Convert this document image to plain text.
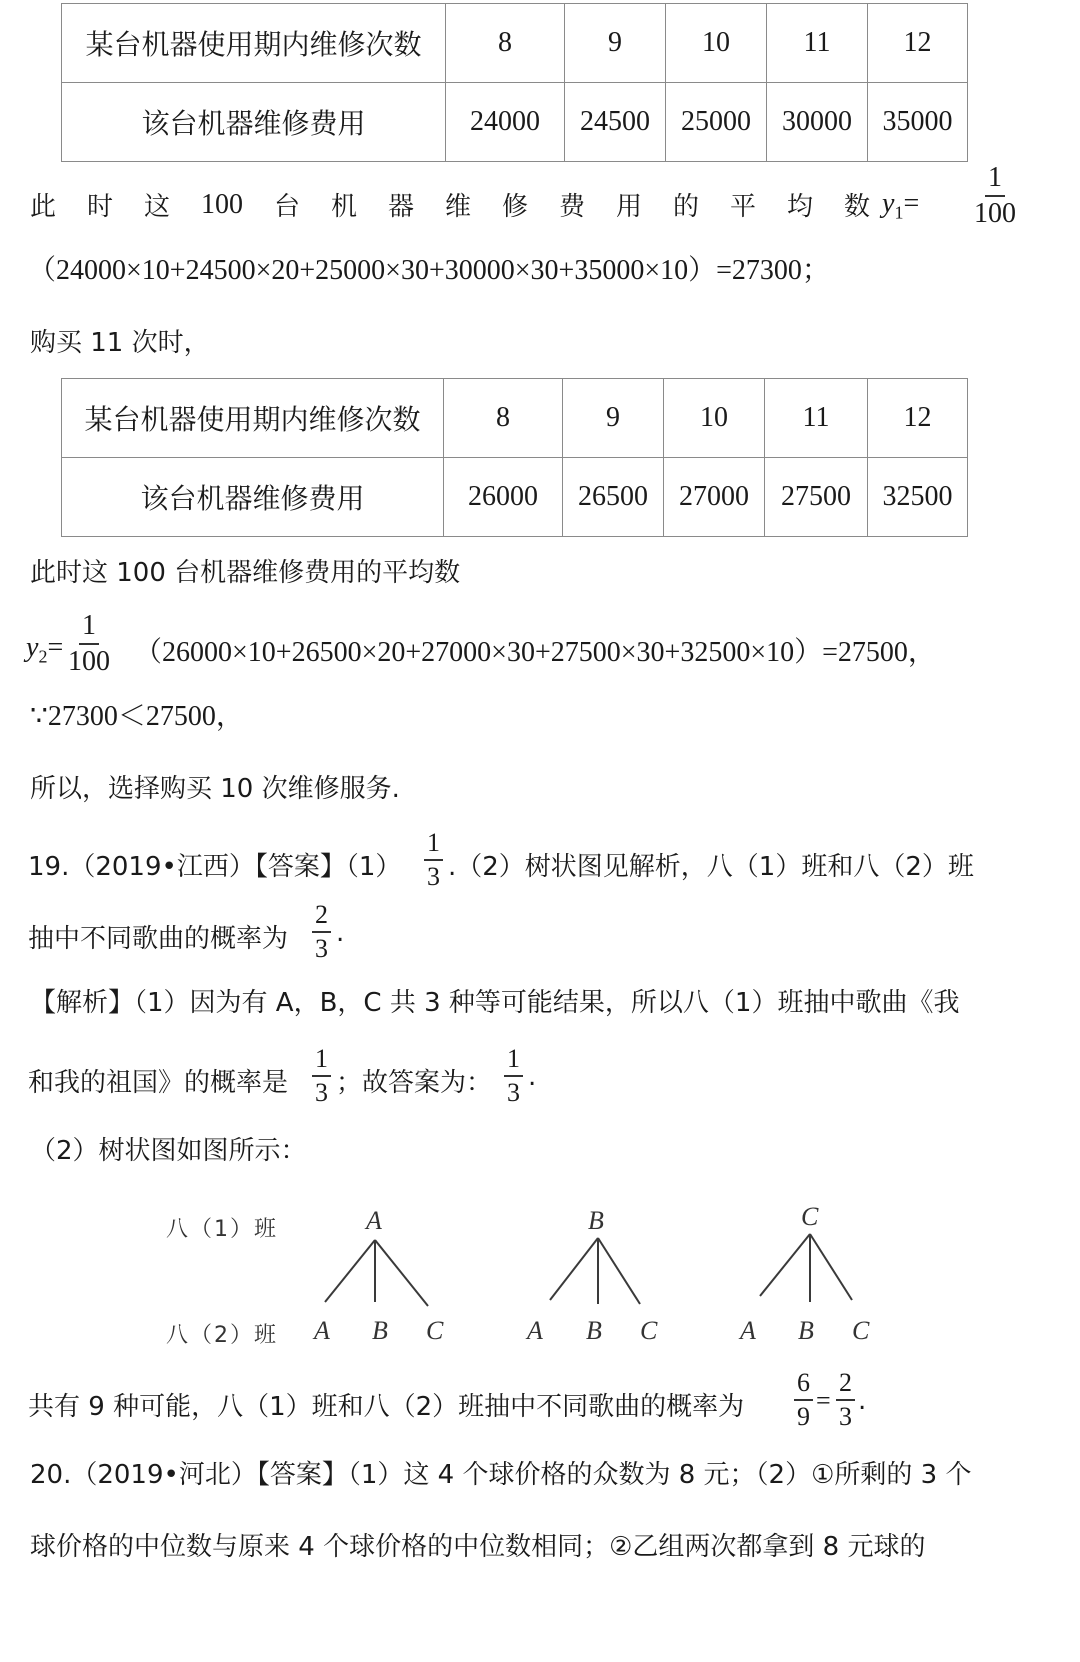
某台机器使用期内维修次数	8	9	10	11	12
该台机器维修费用	24000	24500	25000	30000	35000
此 时 这 100 台 机 器 维 修 费 用 的 平 均 数 $y_1= \frac{1}{100}$
（24000×10+24500×20+25000×30+30000×30+35000×10）=27300；
购买 11 次时，
某台机器使用期内维修次数	8	9	10	11	12
该台机器维修费用	26000	26500	27000	27500	32500
此时这 100 台机器维修费用的平均数
$y_2= \frac{1}{100} (26000\times 10+26500\times 20+27000\times 30+27500\times 30+32500\times 10)=27500$，
∵27300＜27500，
所以，选择购买 10 次维修服务.
19.（2019•江西）【答案】$(1) \frac{1}{3} .(2)$树状图见解析，八（1）班和八（2）班
抽中不同歌曲的概率为 $\frac{2}{3}$ .
【解析】（1）因为有 A，B，C 共 3 种等可能结果，所以八（1）班抽中歌曲《我
和我的祖国》的概率是 $\frac{1}{3}$ ；故答案为： $\frac{1}{3}$ .
（2）树状图如图所示：
八（1）班
八（2）班
A	B	C
A B C	A B C	A B C
共有 9 种可能，八（1）班和八（2）班抽中不同歌曲的概率为 $\frac{6}{9} = \frac{2}{3}$ .
20.（2019•河北）【答案】（1）这 4 个球价格的众数为 8 元；（2）①所剩的 3 个
球价格的中位数与原来 4 个球价格的中位数相同；②乙组两次都拿到 8 元球的
